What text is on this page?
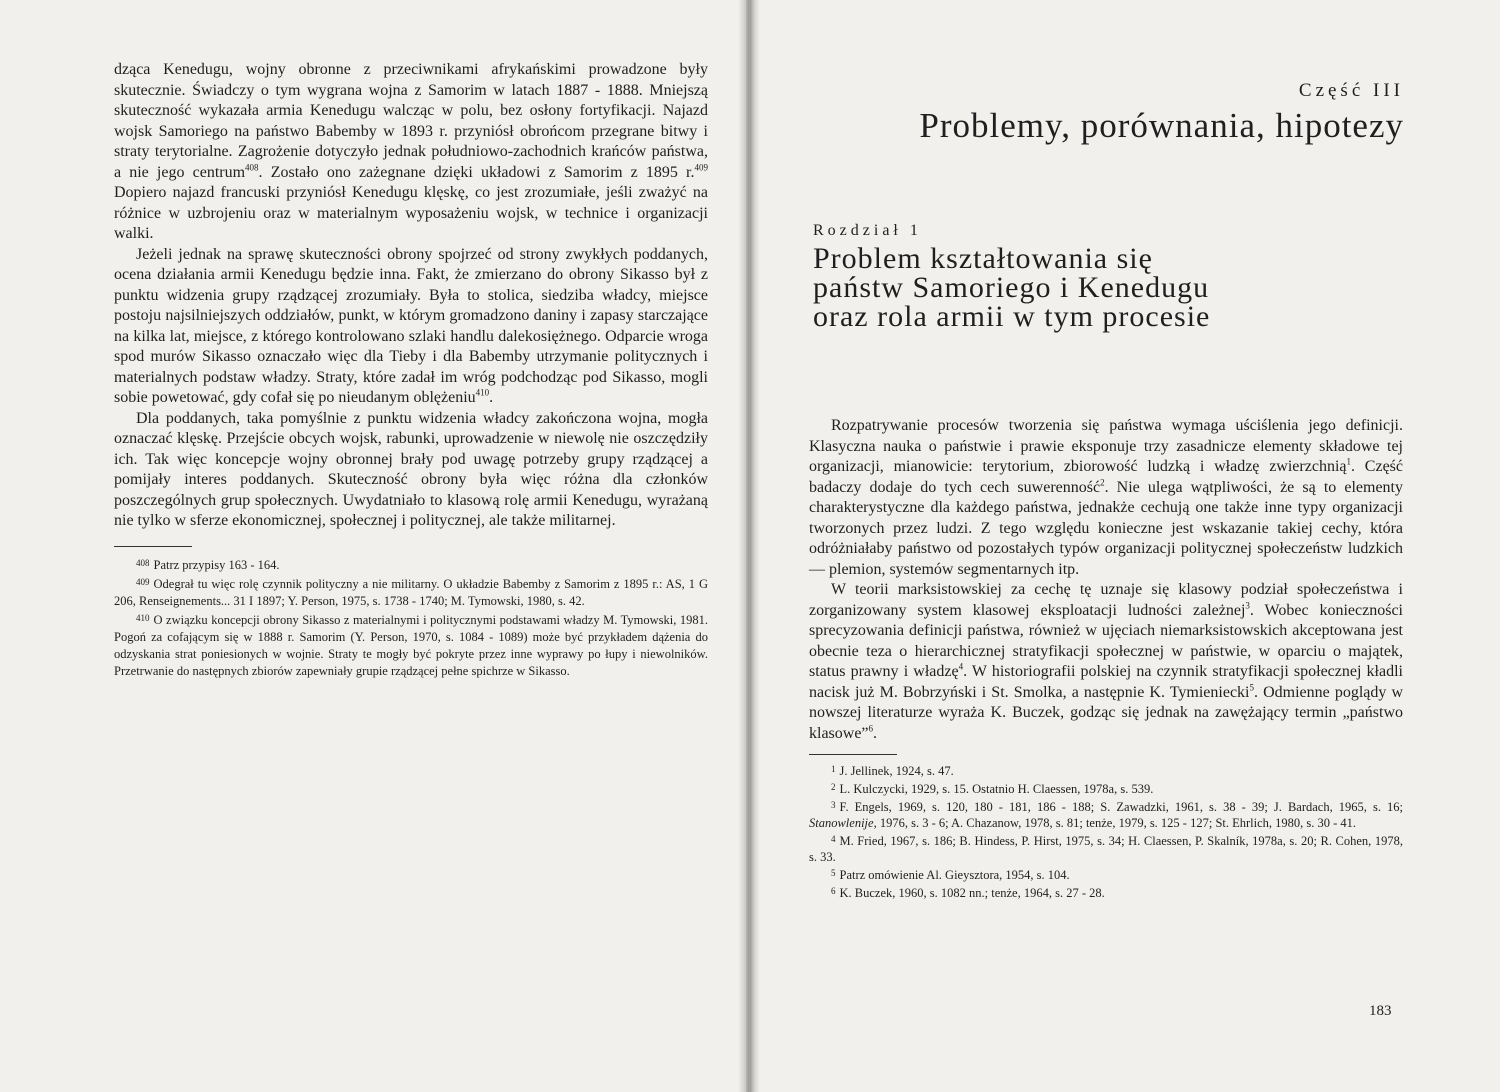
dząca Kenedugu, wojny obronne z przeciwnikami afrykańskimi prowadzone były skutecznie. Świadczy o tym wygrana wojna z Samorim w latach 1887 - 1888. Mniejszą skuteczność wykazała armia Kenedugu walcząc w polu, bez osłony fortyfikacji. Najazd wojsk Samoriego na państwo Babemby w 1893 r. przyniósł obrońcom przegrane bitwy i straty terytorialne. Zagrożenie dotyczyło jednak południowo-zachodnich krańców państwa, a nie jego centrum$^{408}$. Zostało ono zażegnane dzięki układowi z Samorim z 1895 r.$^{409}$ Dopiero najazd francuski przyniósł Kenedugu klęskę, co jest zrozumiałe, jeśli zważyć na różnice w uzbrojeniu oraz w materialnym wyposażeniu wojsk, w technice i organizacji walki.

Jeżeli jednak na sprawę skuteczności obrony spojrzeć od strony zwykłych poddanych, ocena działania armii Kenedugu będzie inna. Fakt, że zmierzano do obrony Sikasso był z punktu widzenia grupy rządzącej zrozumiały. Była to stolica, siedziba władcy, miejsce postoju najsilniejszych oddziałów, punkt, w którym gromadzono daniny i zapasy starczające na kilka lat, miejsce, z którego kontrolowano szlaki handlu dalekosiężnego. Odparcie wroga spod murów Sikasso oznaczało więc dla Tieby i dla Babemby utrzymanie politycznych i materialnych podstaw władzy. Straty, które zadał im wróg podchodząc pod Sikasso, mogli sobie powetować, gdy cofał się po nieudanym oblężeniu$^{410}$.

Dla poddanych, taka pomyślnie z punktu widzenia władcy zakończona wojna, mogła oznaczać klęskę. Przejście obcych wojsk, rabunki, uprowadzenie w niewolę nie oszczędziły ich. Tak więc koncepcje wojny obronnej brały pod uwagę potrzeby grupy rządzącej a pomijały interes poddanych. Skuteczność obrony była więc różna dla członków poszczególnych grup społecznych. Uwydatniało to klasową rolę armii Kenedugu, wyrażaną nie tylko w sferze ekonomicznej, społecznej i politycznej, ale także militarnej.

$^{408}$ Patrz przypisy 163 - 164.

$^{409}$ Odegrał tu więc rolę czynnik polityczny a nie militarny. O układzie Babemby z Samorim z 1895 r.: AS, 1 G 206, Renseignements... 31 I 1897; Y. Person, 1975, s. 1738 - 1740; M. Tymowski, 1980, s. 42.

$^{410}$ O związku koncepcji obrony Sikasso z materialnymi i politycznymi podstawami władzy M. Tymowski, 1981. Pogoń za cofającym się w 1888 r. Samorim (Y. Person, 1970, s. 1084 - 1089) może być przykładem dążenia do odzyskania strat poniesionych w wojnie. Straty te mogły być pokryte przez inne wyprawy po łupy i niewolników. Przetrwanie do następnych zbiorów zapewniały grupie rządzącej pełne spichrze w Sikasso.

Część III
Problemy, porównania, hipotezy
Rozdział 1
Problem kształtowania się
państw Samoriego i Kenedugu
oraz rola armii w tym procesie

Rozpatrywanie procesów tworzenia się państwa wymaga uściślenia jego definicji. Klasyczna nauka o państwie i prawie eksponuje trzy zasadnicze elementy składowe tej organizacji, mianowicie: terytorium, zbiorowość ludzką i władzę zwierzchnią$^1$. Część badaczy dodaje do tych cech suwerenność$^2$. Nie ulega wątpliwości, że są to elementy charakterystyczne dla każdego państwa, jednakże cechują one także inne typy organizacji tworzonych przez ludzi. Z tego względu konieczne jest wskazanie takiej cechy, która odróżniałaby państwo od pozostałych typów organizacji politycznej społeczeństw ludzkich — plemion, systemów segmentarnych itp.

W teorii marksistowskiej za cechę tę uznaje się klasowy podział społeczeństwa i zorganizowany system klasowej eksploatacji ludności zależnej$^3$. Wobec konieczności sprecyzowania definicji państwa, również w ujęciach niemarksistowskich akceptowana jest obecnie teza o hierarchicznej stratyfikacji społecznej w państwie, w oparciu o majątek, status prawny i władzę$^4$. W historiografii polskiej na czynnik stratyfikacji społecznej kładli nacisk już M. Bobrzyński i St. Smolka, a następnie K. Tymieniecki$^5$. Odmienne poglądy w nowszej literaturze wyraża K. Buczek, godząc się jednak na zawężający termin „państwo klasowe”$^6$.

$^1$ J. Jellinek, 1924, s. 47.

$^2$ L. Kulczycki, 1929, s. 15. Ostatnio H. Claessen, 1978a, s. 539.

$^3$ F. Engels, 1969, s. 120, 180 - 181, 186 - 188; S. Zawadzki, 1961, s. 38 - 39; J. Bardach, 1965, s. 16; Stanowlenije, 1976, s. 3 - 6; A. Chazanow, 1978, s. 81; tenże, 1979, s. 125 - 127; St. Ehrlich, 1980, s. 30 - 41.

$^4$ M. Fried, 1967, s. 186; B. Hindess, P. Hirst, 1975, s. 34; H. Claessen, P. Skalník, 1978a, s. 20; R. Cohen, 1978, s. 33.

$^5$ Patrz omówienie Al. Gieysztora, 1954, s. 104.

$^6$ K. Buczek, 1960, s. 1082 nn.; tenże, 1964, s. 27 - 28.

183
